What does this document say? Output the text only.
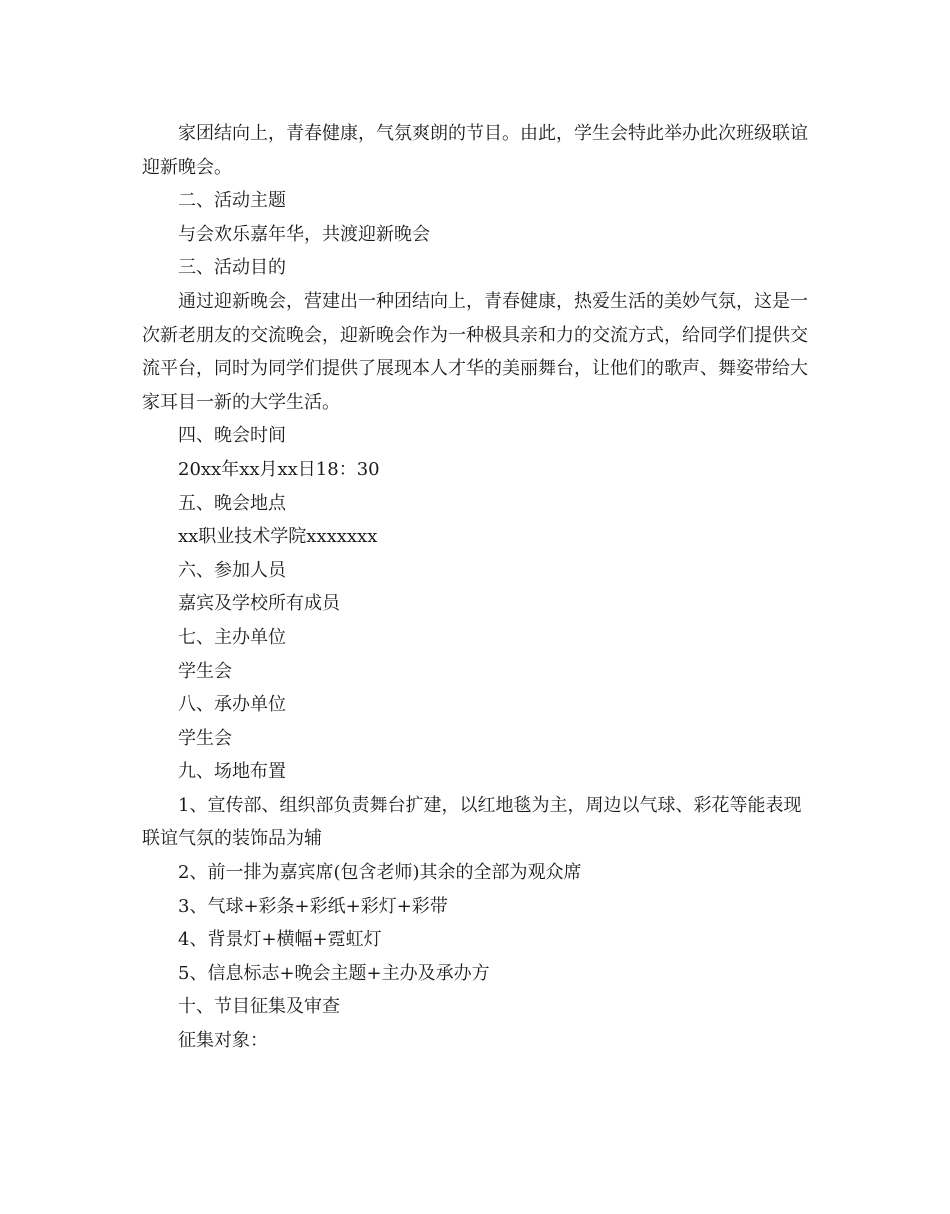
家团结向上，青春健康，气氛爽朗的节目。由此，学生会特此举办此次班级联谊迎新晚会。

二、活动主题

与会欢乐嘉年华，共渡迎新晚会

三、活动目的

通过迎新晚会，营建出一种团结向上，青春健康，热爱生活的美妙气氛，这是一次新老朋友的交流晚会，迎新晚会作为一种极具亲和力的交流方式，给同学们提供交流平台，同时为同学们提供了展现本人才华的美丽舞台，让他们的歌声、舞姿带给大家耳目一新的大学生活。

四、晚会时间

20xx年xx月xx日18：30

五、晚会地点

xx职业技术学院xxxxxxx

六、参加人员

嘉宾及学校所有成员

七、主办单位

学生会

八、承办单位

学生会

九、场地布置

1、宣传部、组织部负责舞台扩建，以红地毯为主，周边以气球、彩花等能表现联谊气氛的装饰品为辅

2、前一排为嘉宾席(包含老师)其余的全部为观众席

3、气球+彩条+彩纸+彩灯+彩带

4、背景灯+横幅+霓虹灯

5、信息标志+晚会主题+主办及承办方

十、节目征集及审查

征集对象：
